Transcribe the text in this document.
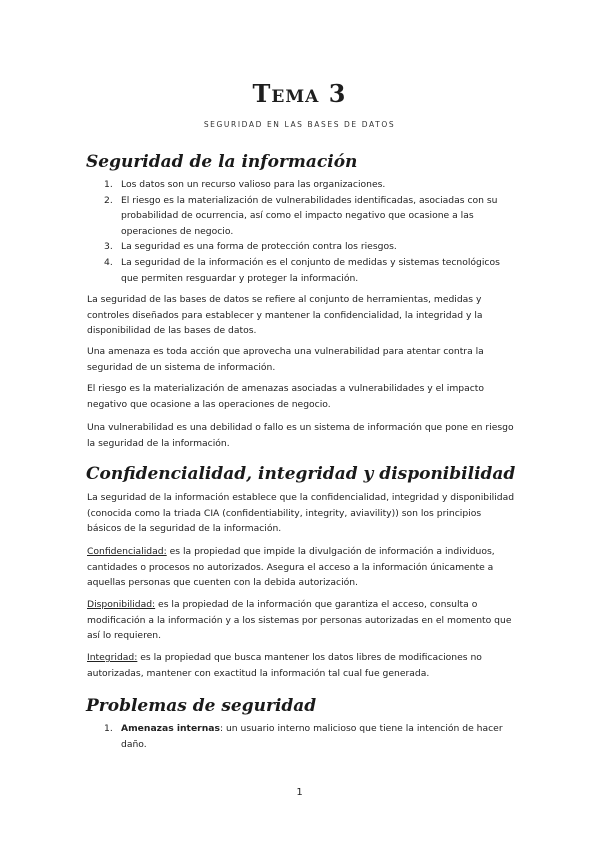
Tema 3

SEGURIDAD EN LAS BASES DE DATOS

Seguridad de la información
1. Los datos son un recurso valioso para las organizaciones.
2. El riesgo es la materialización de vulnerabilidades identificadas, asociadas con su probabilidad de ocurrencia, así como el impacto negativo que ocasione a las operaciones de negocio.
3. La seguridad es una forma de protección contra los riesgos.
4. La seguridad de la información es el conjunto de medidas y sistemas tecnológicos que permiten resguardar y proteger la información.

La seguridad de las bases de datos se refiere al conjunto de herramientas, medidas y controles diseñados para establecer y mantener la confidencialidad, la integridad y la disponibilidad de las bases de datos.

Una amenaza es toda acción que aprovecha una vulnerabilidad para atentar contra la seguridad de un sistema de información.

El riesgo es la materialización de amenazas asociadas a vulnerabilidades y el impacto negativo que ocasione a las operaciones de negocio.

Una vulnerabilidad es una debilidad o fallo es un sistema de información que pone en riesgo la seguridad de la información.

Confidencialidad, integridad y disponibilidad

La seguridad de la información establece que la confidencialidad, integridad y disponibilidad (conocida como la triada CIA (confidentiability, integrity, aviavility)) son los principios básicos de la seguridad de la información.

Confidencialidad: es la propiedad que impide la divulgación de información a individuos, cantidades o procesos no autorizados. Asegura el acceso a la información únicamente a aquellas personas que cuenten con la debida autorización.

Disponibilidad: es la propiedad de la información que garantiza el acceso, consulta o modificación a la información y a los sistemas por personas autorizadas en el momento que así lo requieren.

Integridad: es la propiedad que busca mantener los datos libres de modificaciones no autorizadas, mantener con exactitud la información tal cual fue generada.

Problemas de seguridad
1. Amenazas internas: un usuario interno malicioso que tiene la intención de hacer daño.
1
